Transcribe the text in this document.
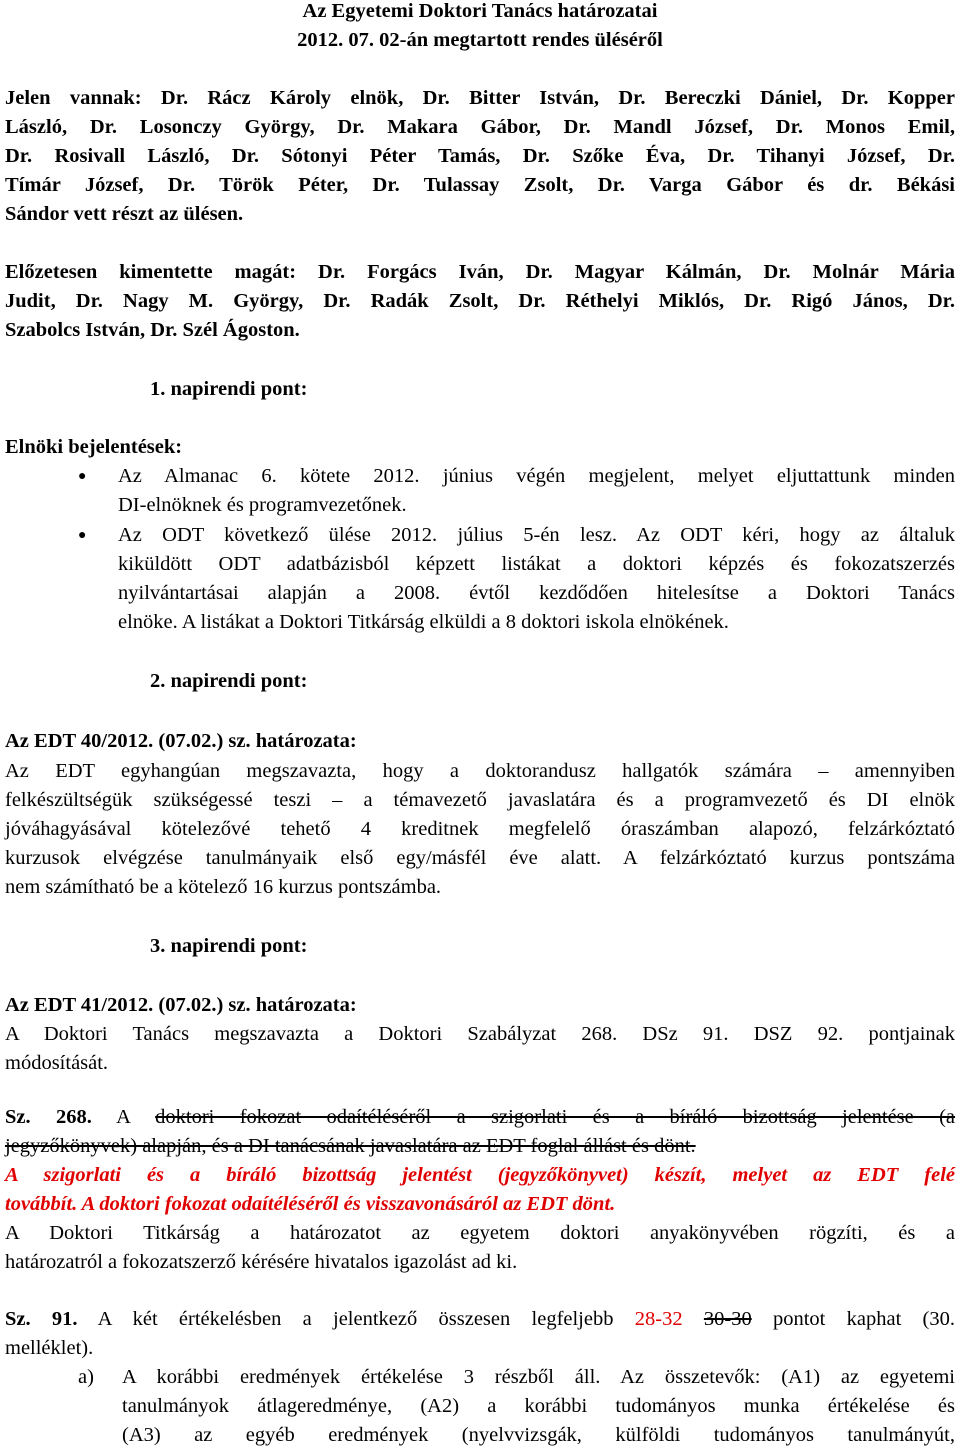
Az Egyetemi Doktori Tanács határozatai
2012. 07. 02-án megtartott rendes üléséről
Jelen vannak: Dr. Rácz Károly elnök, Dr. Bitter István, Dr. Bereczki Dániel, Dr. Kopper
László, Dr. Losonczy György, Dr. Makara Gábor, Dr. Mandl József, Dr. Monos Emil,
Dr. Rosivall László, Dr. Sótonyi Péter Tamás, Dr. Szőke Éva, Dr. Tihanyi József, Dr.
Tímár József, Dr. Török Péter, Dr. Tulassay Zsolt, Dr. Varga Gábor és dr. Békási
Sándor vett részt az ülésen.
Előzetesen kimentette magát: Dr. Forgács Iván, Dr. Magyar Kálmán, Dr. Molnár Mária
Judit, Dr. Nagy M. György, Dr. Radák Zsolt, Dr. Réthelyi Miklós, Dr. Rigó János, Dr.
Szabolcs István, Dr. Szél Ágoston.
1. napirendi pont:
Elnöki bejelentések:
● Az Almanac 6. kötete 2012. június végén megjelent, melyet eljuttattunk minden
DI-elnöknek és programvezetőnek.
● Az ODT következő ülése 2012. július 5-én lesz. Az ODT kéri, hogy az általuk
kiküldött ODT adatbázisból képzett listákat a doktori képzés és fokozatszerzés
nyilvántartásai alapján a 2008. évtől kezdődően hitelesítse a Doktori Tanács
elnöke. A listákat a Doktori Titkárság elküldi a 8 doktori iskola elnökének.
2. napirendi pont:
Az EDT 40/2012. (07.02.) sz. határozata:
Az EDT egyhangúan megszavazta, hogy a doktorandusz hallgatók számára – amennyiben
felkészültségük szükségessé teszi – a témavezető javaslatára és a programvezető és DI elnök
jóváhagyásával kötelezővé tehető 4 kreditnek megfelelő óraszámban alapozó, felzárkóztató
kurzusok elvégzése tanulmányaik első egy/másfél éve alatt. A felzárkóztató kurzus pontszáma
nem számítható be a kötelező 16 kurzus pontszámba.
3. napirendi pont:
Az EDT 41/2012. (07.02.) sz. határozata:
A Doktori Tanács megszavazta a Doktori Szabályzat 268. DSz 91. DSZ 92. pontjainak
módosítását.
Sz. 268. A doktori fokozat odaítéléséről a szigorlati és a bíráló bizottság jelentése (a
jegyzőkönyvek) alapján, és a DI tanácsának javaslatára az EDT foglal állást és dönt.
A szigorlati és a bíráló bizottság jelentést (jegyzőkönyvet) készít, melyet az EDT felé
továbbít. A doktori fokozat odaítéléséről és visszavonásáról az EDT dönt.
A Doktori Titkárság a határozatot az egyetem doktori anyakönyvében rögzíti, és a
határozatról a fokozatszerző kérésére hivatalos igazolást ad ki.
Sz. 91. A két értékelésben a jelentkező összesen legfeljebb 28-32 30-30 pontot kaphat (30.
melléklet).
a) A korábbi eredmények értékelése 3 részből áll. Az összetevők: (A1) az egyetemi
tanulmányok átlageredménye, (A2) a korábbi tudományos munka értékelése és
(A3) az egyéb eredmények (nyelvvizsgák, külföldi tudományos tanulmányút,
